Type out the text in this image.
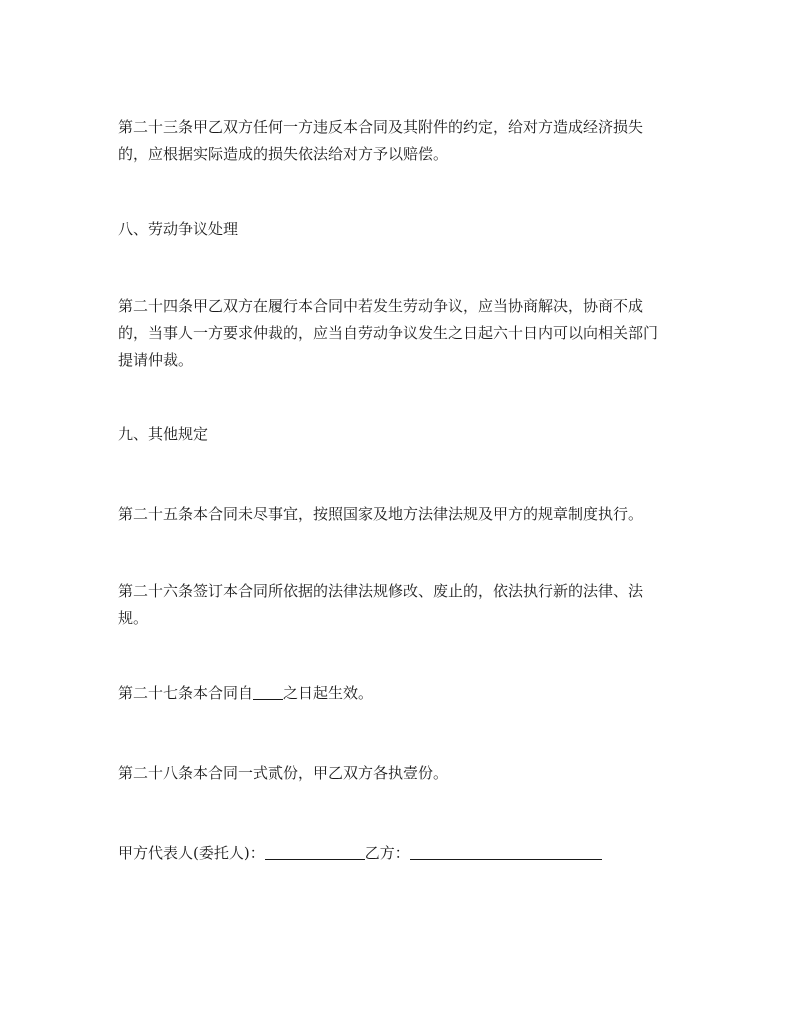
第二十三条甲乙双方任何一方违反本合同及其附件的约定，给对方造成经济损失
的，应根据实际造成的损失依法给对方予以赔偿。

八、劳动争议处理

第二十四条甲乙双方在履行本合同中若发生劳动争议，应当协商解决，协商不成
的，当事人一方要求仲裁的，应当自劳动争议发生之日起六十日内可以向相关部门
提请仲裁。

九、其他规定

第二十五条本合同未尽事宜，按照国家及地方法律法规及甲方的规章制度执行。

第二十六条签订本合同所依据的法律法规修改、废止的，依法执行新的法律、法
规。

第二十七条本合同自 之日起生效。

第二十八条本合同一式贰份，甲乙双方各执壹份。

甲方代表人(委托人)：	乙方：
